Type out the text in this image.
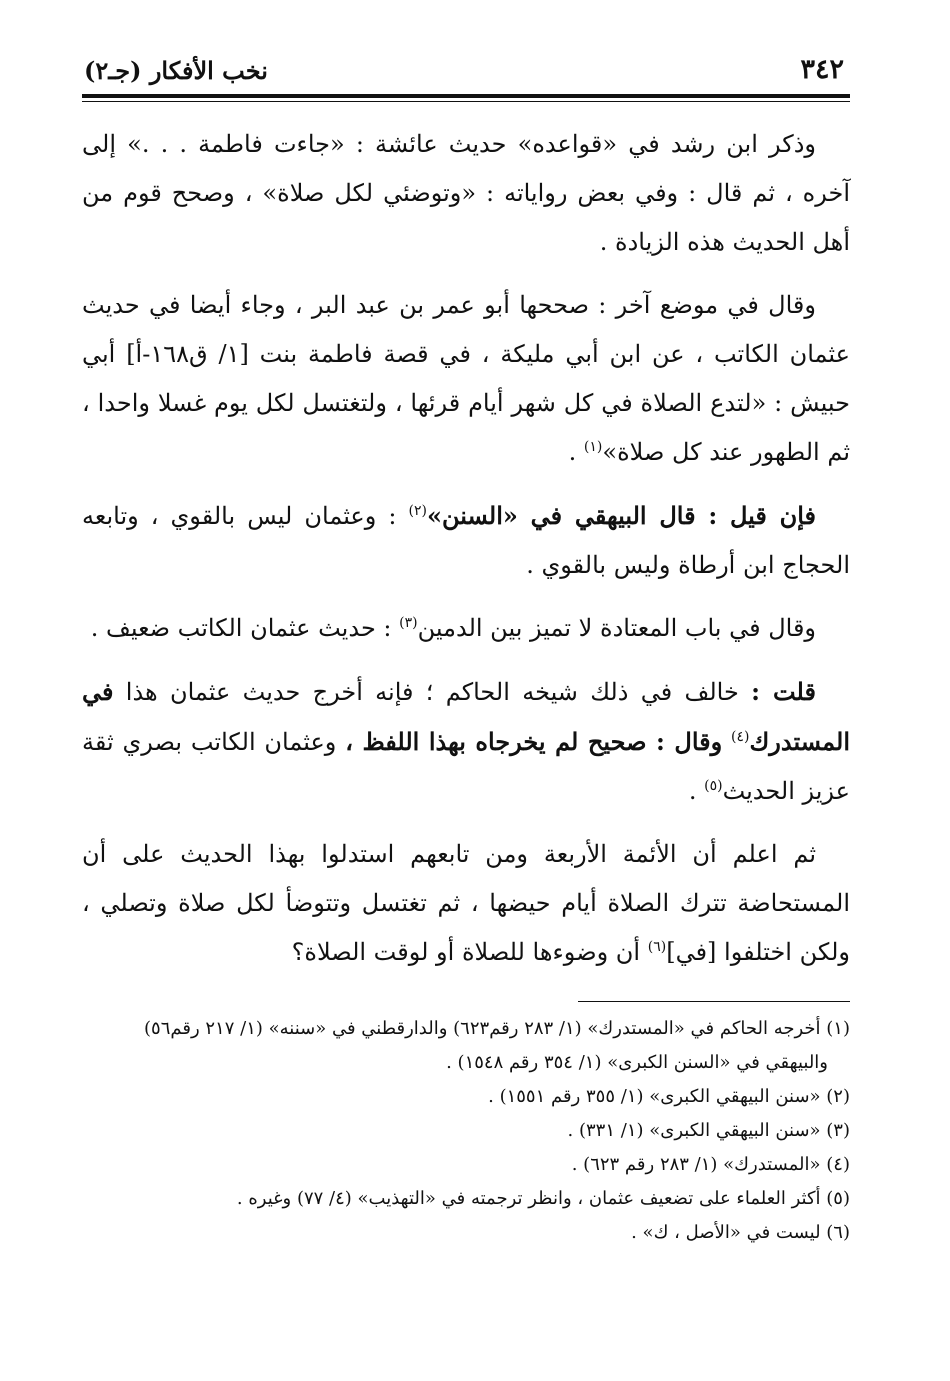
٣٤٢
نخب الأفكار (جـ٢)

وذكر ابن رشد في «قواعده» حديث عائشة : «جاءت فاطمة . . .» إلى آخره ، ثم قال : وفي بعض رواياته : «وتوضئي لكل صلاة» ، وصحح قوم من أهل الحديث هذه الزيادة .

وقال في موضع آخر : صححها أبو عمر بن عبد البر ، وجاء أيضا في حديث عثمان الكاتب ، عن ابن أبي مليكة ، في قصة فاطمة بنت [١/ ق١٦٨-أ] أبي حبيش : «لتدع الصلاة في كل شهر أيام قرئها ، ولتغتسل لكل يوم غسلا واحدا ، ثم الطهور عند كل صلاة»$^{(١)}$ .

فإن قيل : قال البيهقي في «السنن»$^{(٢)}$ : وعثمان ليس بالقوي ، وتابعه الحجاج ابن أرطاة وليس بالقوي .

وقال في باب المعتادة لا تميز بين الدمين$^{(٣)}$ : حديث عثمان الكاتب ضعيف .

قلت : خالف في ذلك شيخه الحاكم ؛ فإنه أخرج حديث عثمان هذا في المستدرك$^{(٤)}$ وقال : صحيح لم يخرجاه بهذا اللفظ ، وعثمان الكاتب بصري ثقة عزيز الحديث$^{(٥)}$ .

ثم اعلم أن الأئمة الأربعة ومن تابعهم استدلوا بهذا الحديث على أن المستحاضة تترك الصلاة أيام حيضها ، ثم تغتسل وتتوضأ لكل صلاة وتصلي ، ولكن اختلفوا [في]$^{(٦)}$ أن وضوءها للصلاة أو لوقت الصلاة؟

(١) أخرجه الحاكم في «المستدرك» (١/ ٢٨٣ رقم٦٢٣) والدارقطني في «سننه» (١/ ٢١٧ رقم٥٦)

والبيهقي في «السنن الكبرى» (١/ ٣٥٤ رقم ١٥٤٨) .

(٢) «سنن البيهقي الكبرى» (١/ ٣٥٥ رقم ١٥٥١) .

(٣) «سنن البيهقي الكبرى» (١/ ٣٣١) .

(٤) «المستدرك» (١/ ٢٨٣ رقم ٦٢٣) .

(٥) أكثر العلماء على تضعيف عثمان ، وانظر ترجمته في «التهذيب» (٤/ ٧٧) وغيره .

(٦) ليست في «الأصل ، ك» .
